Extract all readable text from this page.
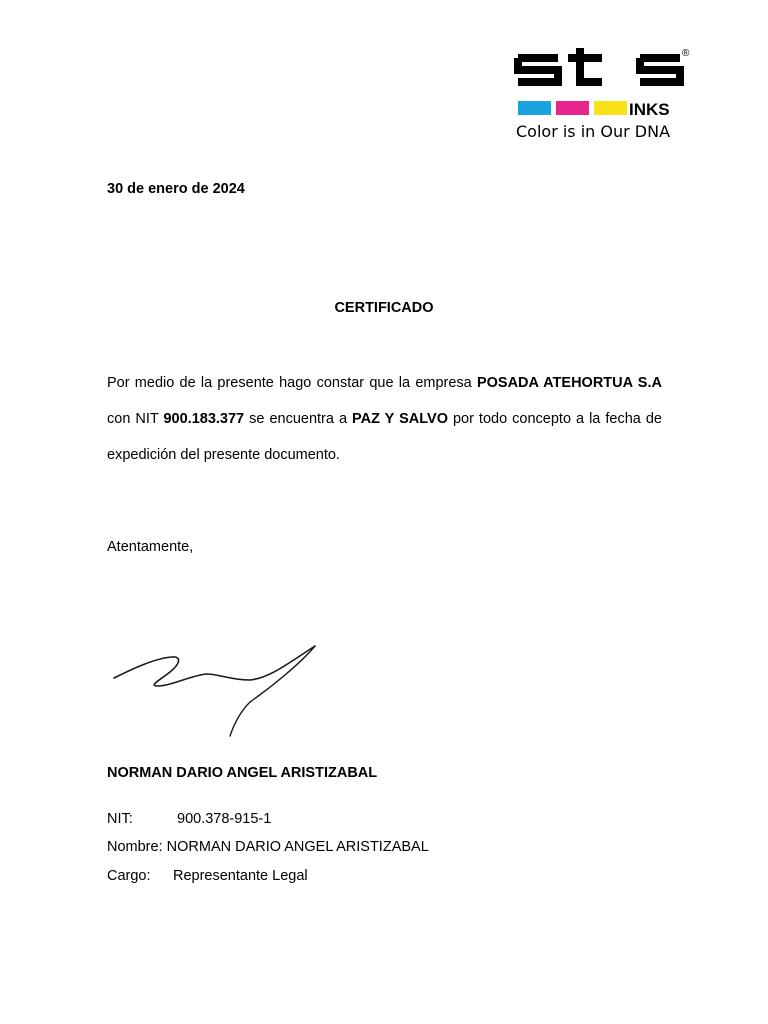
INKS
®
Color is in Our DNA
30 de enero de 2024
CERTIFICADO
Por medio de la presente hago constar que la empresa POSADA ATEHORTUA S.A con NIT 900.183.377 se encuentra a PAZ Y SALVO por todo concepto a la fecha de expedición del presente documento.
Atentamente,
NORMAN DARIO ANGEL ARISTIZABAL
NIT:	900.378-915-1
Nombre: NORMAN DARIO ANGEL ARISTIZABAL
Cargo: Representante Legal
